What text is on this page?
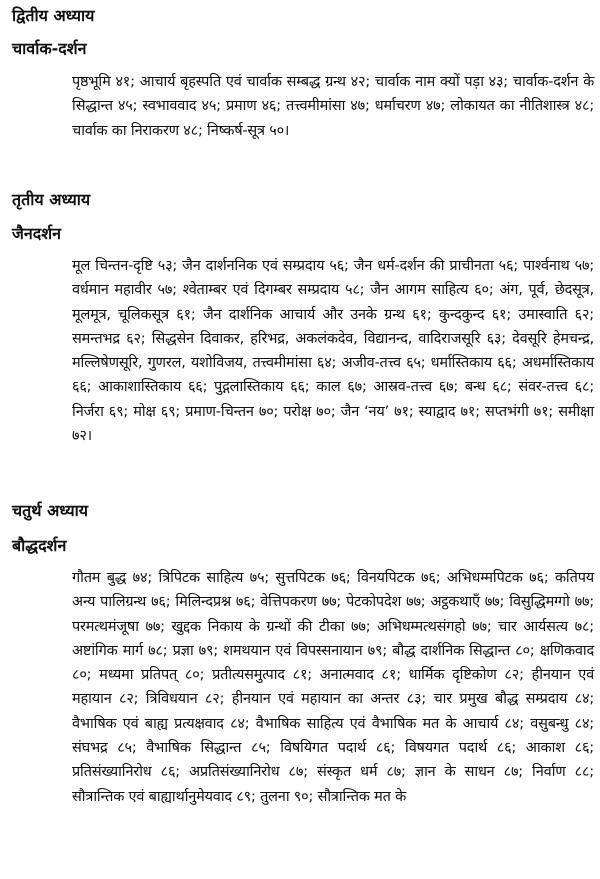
द्वितीय अध्याय
चार्वाक-दर्शन

पृष्ठभूमि ४१; आचार्य बृहस्पति एवं चार्वाक सम्बद्ध ग्रन्थ ४२; चार्वाक नाम क्यों पड़ा ४३; चार्वाक-दर्शन के सिद्धान्त ४५; स्वभाववाद ४५; प्रमाण ४६; तत्त्वमीमांसा ४७; धर्माचरण ४७; लोकायत का नीतिशास्त्र ४८; चार्वाक का निराकरण ४८; निष्कर्ष-सूत्र ५०।

तृतीय अध्याय
जैनदर्शन

मूल चिन्तन-दृष्टि ५३; जैन दार्शननिक एवं सम्प्रदाय ५६; जैन धर्म-दर्शन की प्राचीनता ५६; पार्श्वनाथ ५७; वर्धमान महावीर ५७; श्वेताम्बर एवं दिगम्बर सम्प्रदाय ५८; जैन आगम साहित्य ६०; अंग, पूर्व, छेदसूत्र, मूलमूत्र, चूलिकसूत्र ६१; जैन दार्शनिक आचार्य और उनके ग्रन्थ ६१; कुन्दकुन्द ६१; उमास्वाति ६२; समन्तभद्र ६२; सिद्धसेन दिवाकर, हरिभद्र, अकलंकदेव, विद्यानन्द, वादिराजसूरि ६३; देवसूरि हेमचन्द्र, मल्लिषेणसूरि, गुणरल, यशोविजय, तत्त्वमीमांसा ६४; अजीव-तत्त्व ६५; धर्मास्तिकाय ६६; अधर्मास्तिकाय ६६; आकाशास्तिकाय ६६; पुद्गलास्तिकाय ६६; काल ६७; आस्रव-तत्त्व ६७; बन्ध ६८; संवर-तत्त्व ६८; निर्जरा ६९; मोक्ष ६९; प्रमाण-चिन्तन ७०; परोक्ष ७०; जैन ‘नय’ ७१; स्याद्वाद ७१; सप्तभंगी ७१; समीक्षा ७२।

चतुर्थ अध्याय
बौद्धदर्शन

गौतम बुद्ध ७४; त्रिपिटक साहित्य ७५; सुत्तपिटक ७६; विनयपिटक ७६; अभिधम्मपिटक ७६; कतिपय अन्य पालिग्रन्थ ७६; मिलिन्दप्रश्न ७६; वेत्तिपकरण ७७; पेटकोपदेश ७७; अट्ठकथाएँ ७७; विसुद्धिमग्गो ७७; परमत्थमंजूषा ७७; खुद्दक निकाय के ग्रन्थों की टीका ७७; अभिधम्मत्थसंगहो ७७; चार आर्यसत्य ७८; अष्टांगिक मार्ग ७८; प्रज्ञा ७९; शमथयान एवं विपस्सनायान ७९; बौद्ध दार्शनिक सिद्धान्त ८०; क्षणिकवाद ८०; मध्यमा प्रतिपत् ८०; प्रतीत्यसमुत्पाद ८१; अनात्मवाद ८१; धार्मिक दृष्टिकोण ८२; हीनयान एवं महायान ८२; त्रिविधयान ८२; हीनयान एवं महायान का अन्तर ८३; चार प्रमुख बौद्ध सम्प्रदाय ८४; वैभाषिक एवं बाह्य प्रत्यक्षवाद ८४; वैभाषिक साहित्य एवं वैभाषिक मत के आचार्य ८४; वसुबन्धु ८४; संघभद्र ८५; वैभाषिक सिद्धान्त ८५; विषयिगत पदार्थ ८६; विषयगत पदार्थ ८६; आकाश ८६; प्रतिसंख्यानिरोध ८६; अप्रतिसंख्यानिरोध ८७; संस्कृत धर्म ८७; ज्ञान के साधन ८७; निर्वाण ८८; सौत्रान्तिक एवं बाह्यार्थानुमेयवाद ८९; तुलना ९०; सौत्रान्तिक मत के
